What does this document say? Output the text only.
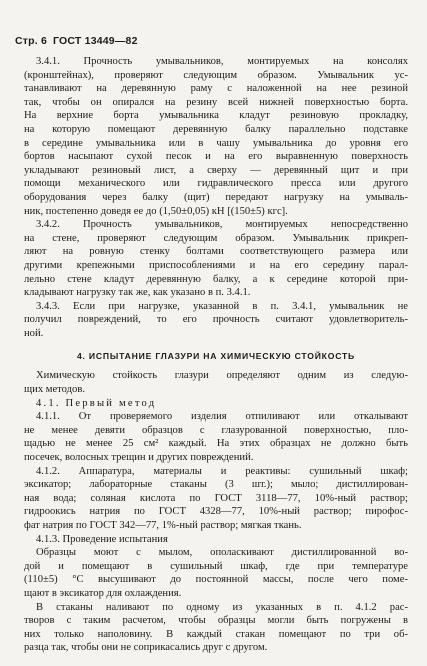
Стр. 6 ГОСТ 13449—82
3.4.1. Прочность умывальников, монтируемых на консолях
(кронштейнах), проверяют следующим образом. Умывальник ус-
танавливают на деревянную раму с наложенной на нее резиной
так, чтобы он опирался на резину всей нижней поверхностью борта.
На верхние борта умывальника кладут резиновую прокладку,
на которую помещают деревянную балку параллельно подставке
в середине умывальника или в чашу умывальника до уровня его
бортов насыпают сухой песок и на его выравненную поверхность
укладывают резиновый лист, а сверху — деревянный щит и при
помощи механического или гидравлического пресса или другого
оборудования через балку (щит) передают нагрузку на умываль-
ник, постепенно доведя ее до (1,50±0,05) кН [(150±5) кгс].
3.4.2. Прочность умывальников, монтируемых непосредственно
на стене, проверяют следующим образом. Умывальник прикреп-
ляют на ровную стенку болтами соответствующего размера или
другими крепежными приспособлениями и на его середину парал-
лельно стене кладут деревянную балку, а к середине которой при-
кладывают нагрузку так же, как указано в п. 3.4.1.
3.4.3. Если при нагрузке, указанной в п. 3.4.1, умывальник не
получил повреждений, то его прочность считают удовлетворитель-
ной.
4. ИСПЫТАНИЕ ГЛАЗУРИ НА ХИМИЧЕСКУЮ СТОЙКОСТЬ
Химическую стойкость глазури определяют одним из следую-
щих методов.
4.1. Первый метод
4.1.1. От проверяемого изделия отпиливают или откалывают
не менее девяти образцов с глазурованной поверхностью, пло-
щадью не менее 25 см² каждый. На этих образцах не должно быть
посечек, волосных трещин и других повреждений.
4.1.2. Аппаратура, материалы и реактивы: сушильный шкаф;
эксикатор; лабораторные стаканы (3 шт.); мыло; дистиллирован-
ная вода; соляная кислота по ГОСТ 3118—77, 10%-ный раствор;
гидроокись натрия по ГОСТ 4328—77, 10%-ный раствор; пирофос-
фат натрия по ГОСТ 342—77, 1%-ный раствор; мягкая ткань.
4.1.3. Проведение испытания
Образцы моют с мылом, ополаскивают дистиллированной во-
дой и помещают в сушильный шкаф, где при температуре
(110±5) °С высушивают до постоянной массы, после чего поме-
щают в эксикатор для охлаждения.
В стаканы наливают по одному из указанных в п. 4.1.2 рас-
творов с таким расчетом, чтобы образцы могли быть погружены в
них только наполовину. В каждый стакан помещают по три об-
разца так, чтобы они не соприкасались друг с другом.
